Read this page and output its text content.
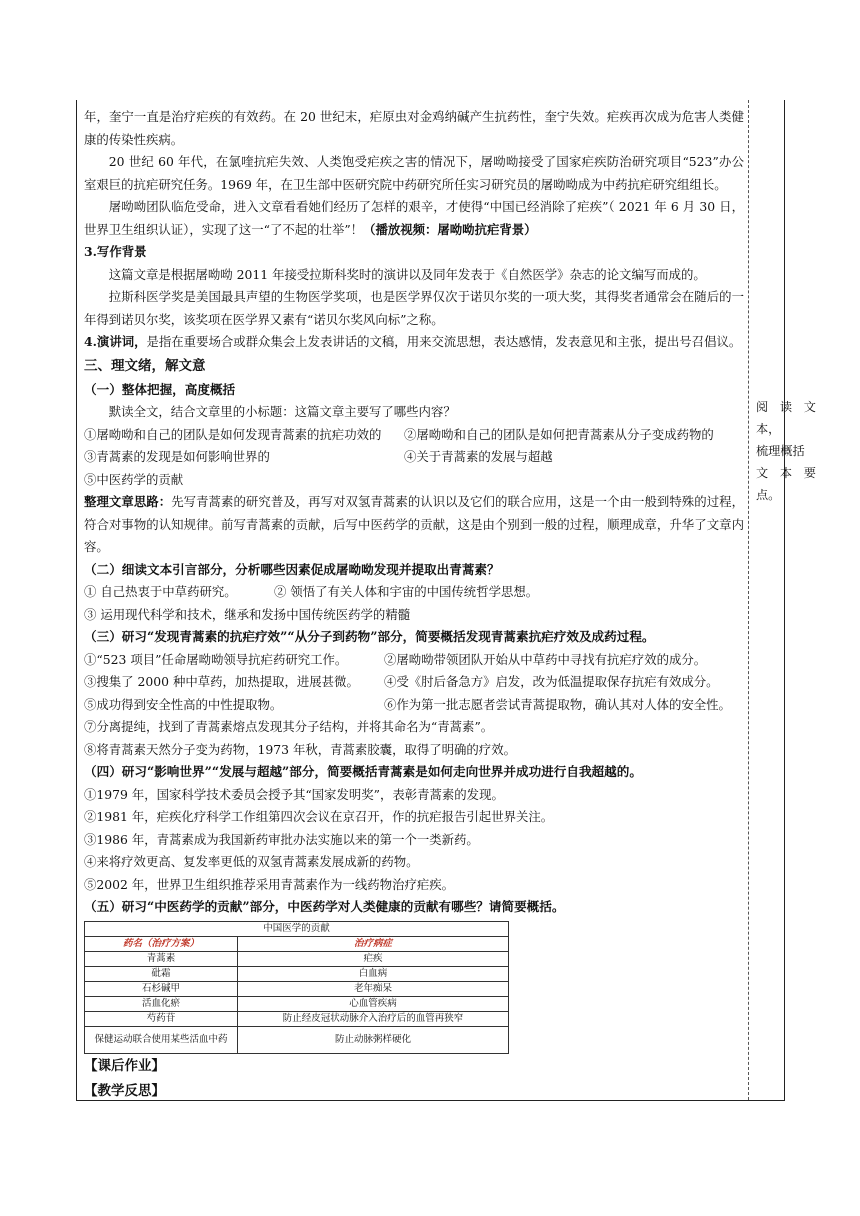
年，奎宁一直是治疗疟疾的有效药。在 20 世纪末，疟原虫对金鸡纳碱产生抗药性，奎宁失效。疟疾再次成为危害人类健康的传染性疾病。

20 世纪 60 年代，在氯喹抗疟失效、人类饱受疟疾之害的情况下，屠呦呦接受了国家疟疾防治研究项目“523”办公室艰巨的抗疟研究任务。1969 年，在卫生部中医研究院中药研究所任实习研究员的屠呦呦成为中药抗疟研究组组长。

屠呦呦团队临危受命，进入文章看看她们经历了怎样的艰辛，才使得“中国已经消除了疟疾”（ 2021 年 6 月 30 日，世界卫生组织认证），实现了这一“了不起的壮举”！（播放视频：屠呦呦抗疟背景）

3.写作背景

这篇文章是根据屠呦呦 2011 年接受拉斯科奖时的演讲以及同年发表于《自然医学》杂志的论文编写而成的。

拉斯科医学奖是美国最具声望的生物医学奖项，也是医学界仅次于诺贝尔奖的一项大奖，其得奖者通常会在随后的一年得到诺贝尔奖，该奖项在医学界又素有“诺贝尔奖风向标”之称。

4.演讲词，是指在重要场合或群众集会上发表讲话的文稿，用来交流思想，表达感情，发表意见和主张，提出号召倡议。

三、理文绪，解文意

（一）整体把握，高度概括

默读全文，结合文章里的小标题：这篇文章主要写了哪些内容？

①屠呦呦和自己的团队是如何发现青蒿素的抗疟功效的	②屠呦呦和自己的团队是如何把青蒿素从分子变成药物的
③青蒿素的发现是如何影响世界的	④关于青蒿素的发展与超越

⑤中医药学的贡献

整理文章思路：先写青蒿素的研究普及，再写对双氢青蒿素的认识以及它们的联合应用，这是一个由一般到特殊的过程，符合对事物的认知规律。前写青蒿素的贡献，后写中医药学的贡献，这是由个别到一般的过程，顺理成章，升华了文章内容。

（二）细读文本引言部分，分析哪些因素促成屠呦呦发现并提取出青蒿素？

① 自己热衷于中草药研究。	② 领悟了有关人体和宇宙的中国传统哲学思想。

③ 运用现代科学和技术，继承和发扬中国传统医药学的精髓

（三）研习“发现青蒿素的抗疟疗效”“从分子到药物”部分，简要概括发现青蒿素抗疟疗效及成药过程。

①“523 项目”任命屠呦呦领导抗疟药研究工作。	②屠呦呦带领团队开始从中草药中寻找有抗疟疗效的成分。
③搜集了 2000 种中草药，加热提取，进展甚微。	④受《肘后备急方》启发，改为低温提取保存抗疟有效成分。
⑤成功得到安全性高的中性提取物。	⑥作为第一批志愿者尝试青蒿提取物，确认其对人体的安全性。

⑦分离提纯，找到了青蒿素熔点发现其分子结构，并将其命名为“青蒿素”。

⑧将青蒿素天然分子变为药物，1973 年秋，青蒿素胶囊，取得了明确的疗效。

（四）研习“影响世界”“发展与超越”部分，简要概括青蒿素是如何走向世界并成功进行自我超越的。

①1979 年，国家科学技术委员会授予其“国家发明奖”，表彰青蒿素的发现。

②1981 年，疟疾化疗科学工作组第四次会议在京召开，作的抗疟报告引起世界关注。

③1986 年，青蒿素成为我国新药审批办法实施以来的第一个一类新药。

④来将疗效更高、复发率更低的双氢青蒿素发展成新的药物。

⑤2002 年，世界卫生组织推荐采用青蒿素作为一线药物治疗疟疾。

（五）研习“中医药学的贡献”部分，中医药学对人类健康的贡献有哪些？请简要概括。

中国医学的贡献	
药名（治疗方案）	治疗病症
青蒿素	疟疾
砒霜	白血病
石杉碱甲	老年痴呆
活血化瘀	心血管疾病
芍药苷	防止经皮冠状动脉介入治疗后的血管再狭窄
保健运动联合使用某些活血中药	防止动脉粥样硬化

【课后作业】

【教学反思】

阅读文本，

梳理概括

文本要点。
